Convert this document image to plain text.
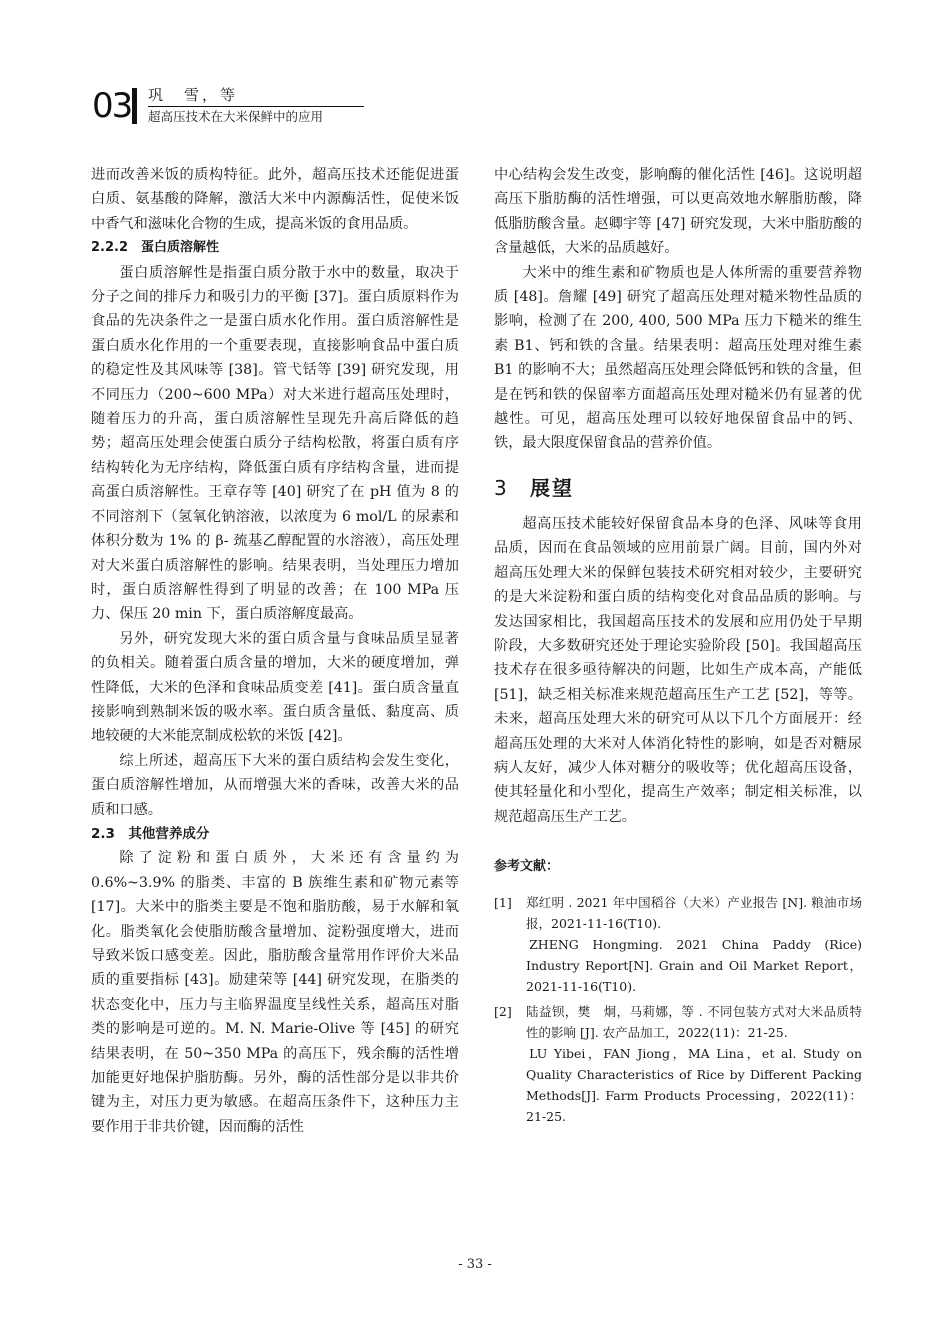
03 巩　雪，等
超高压技术在大米保鲜中的应用

进而改善米饭的质构特征。此外，超高压技术还能促进蛋白质、氨基酸的降解，激活大米中内源酶活性，促使米饭中香气和滋味化合物的生成，提高米饭的食用品质。

2.2.2　蛋白质溶解性

蛋白质溶解性是指蛋白质分散于水中的数量，取决于分子之间的排斥力和吸引力的平衡 [37]。蛋白质原料作为食品的先决条件之一是蛋白质水化作用。蛋白质溶解性是蛋白质水化作用的一个重要表现，直接影响食品中蛋白质的稳定性及其风味等 [38]。管弋铦等 [39] 研究发现，用不同压力（200~600 MPa）对大米进行超高压处理时，随着压力的升高，蛋白质溶解性呈现先升高后降低的趋势；超高压处理会使蛋白质分子结构松散，将蛋白质有序结构转化为无序结构，降低蛋白质有序结构含量，进而提高蛋白质溶解性。王章存等 [40] 研究了在 pH 值为 8 的不同溶剂下（氢氧化钠溶液，以浓度为 6 mol/L 的尿素和体积分数为 1% 的 β- 巯基乙醇配置的水溶液），高压处理对大米蛋白质溶解性的影响。结果表明，当处理压力增加时，蛋白质溶解性得到了明显的改善；在 100 MPa 压力、保压 20 min 下，蛋白质溶解度最高。

另外，研究发现大米的蛋白质含量与食味品质呈显著的负相关。随着蛋白质含量的增加，大米的硬度增加，弹性降低，大米的色泽和食味品质变差 [41]。蛋白质含量直接影响到熟制米饭的吸水率。蛋白质含量低、黏度高、质地较硬的大米能烹制成松软的米饭 [42]。

综上所述，超高压下大米的蛋白质结构会发生变化，蛋白质溶解性增加，从而增强大米的香味，改善大米的品质和口感。

2.3　其他营养成分

除了淀粉和蛋白质外，大米还有含量约为 0.6%~3.9% 的脂类、丰富的 B 族维生素和矿物元素等 [17]。大米中的脂类主要是不饱和脂肪酸，易于水解和氧化。脂类氧化会使脂肪酸含量增加、淀粉强度增大，进而导致米饭口感变差。因此，脂肪酸含量常用作评价大米品质的重要指标 [43]。励建荣等 [44] 研究发现，在脂类的状态变化中，压力与主临界温度呈线性关系，超高压对脂类的影响是可逆的。M. N. Marie-Olive 等 [45] 的研究结果表明，在 50~350 MPa 的高压下，残余酶的活性增加能更好地保护脂肪酶。另外，酶的活性部分是以非共价键为主，对压力更为敏感。在超高压条件下，这种压力主要作用于非共价键，因而酶的活性

中心结构会发生改变，影响酶的催化活性 [46]。这说明超高压下脂肪酶的活性增强，可以更高效地水解脂肪酸，降低脂肪酸含量。赵卿宇等 [47] 研究发现，大米中脂肪酸的含量越低，大米的品质越好。

大米中的维生素和矿物质也是人体所需的重要营养物质 [48]。詹耀 [49] 研究了超高压处理对糙米物性品质的影响，检测了在 200, 400, 500 MPa 压力下糙米的维生素 B1、钙和铁的含量。结果表明：超高压处理对维生素 B1 的影响不大；虽然超高压处理会降低钙和铁的含量，但是在钙和铁的保留率方面超高压处理对糙米仍有显著的优越性。可见，超高压处理可以较好地保留食品中的钙、铁，最大限度保留食品的营养价值。

3 展望

超高压技术能较好保留食品本身的色泽、风味等食用品质，因而在食品领域的应用前景广阔。目前，国内外对超高压处理大米的保鲜包装技术研究相对较少，主要研究的是大米淀粉和蛋白质的结构变化对食品品质的影响。与发达国家相比，我国超高压技术的发展和应用仍处于早期阶段，大多数研究还处于理论实验阶段 [50]。我国超高压技术存在很多亟待解决的问题，比如生产成本高，产能低 [51]，缺乏相关标准来规范超高压生产工艺 [52]，等等。未来，超高压处理大米的研究可从以下几个方面展开：经超高压处理的大米对人体消化特性的影响，如是否对糖尿病人友好，减少人体对糖分的吸收等；优化超高压设备，使其轻量化和小型化，提高生产效率；制定相关标准，以规范超高压生产工艺。

参考文献：
[1] 郑红明 . 2021 年中国稻谷（大米）产业报告 [N]. 粮油市场报，2021-11-16(T10).
ZHENG Hongming. 2021 China Paddy (Rice) Industry Report[N]. Grain and Oil Market Report，2021-11-16(T10).
[2] 陆益钡，樊　炯，马莉娜，等 . 不同包装方式对大米品质特性的影响 [J]. 农产品加工，2022(11)：21-25.
LU Yibei，FAN Jiong，MA Lina，et al. Study on Quality Characteristics of Rice by Different Packing Methods[J]. Farm Products Processing，2022(11)：21-25.
- 33 -
